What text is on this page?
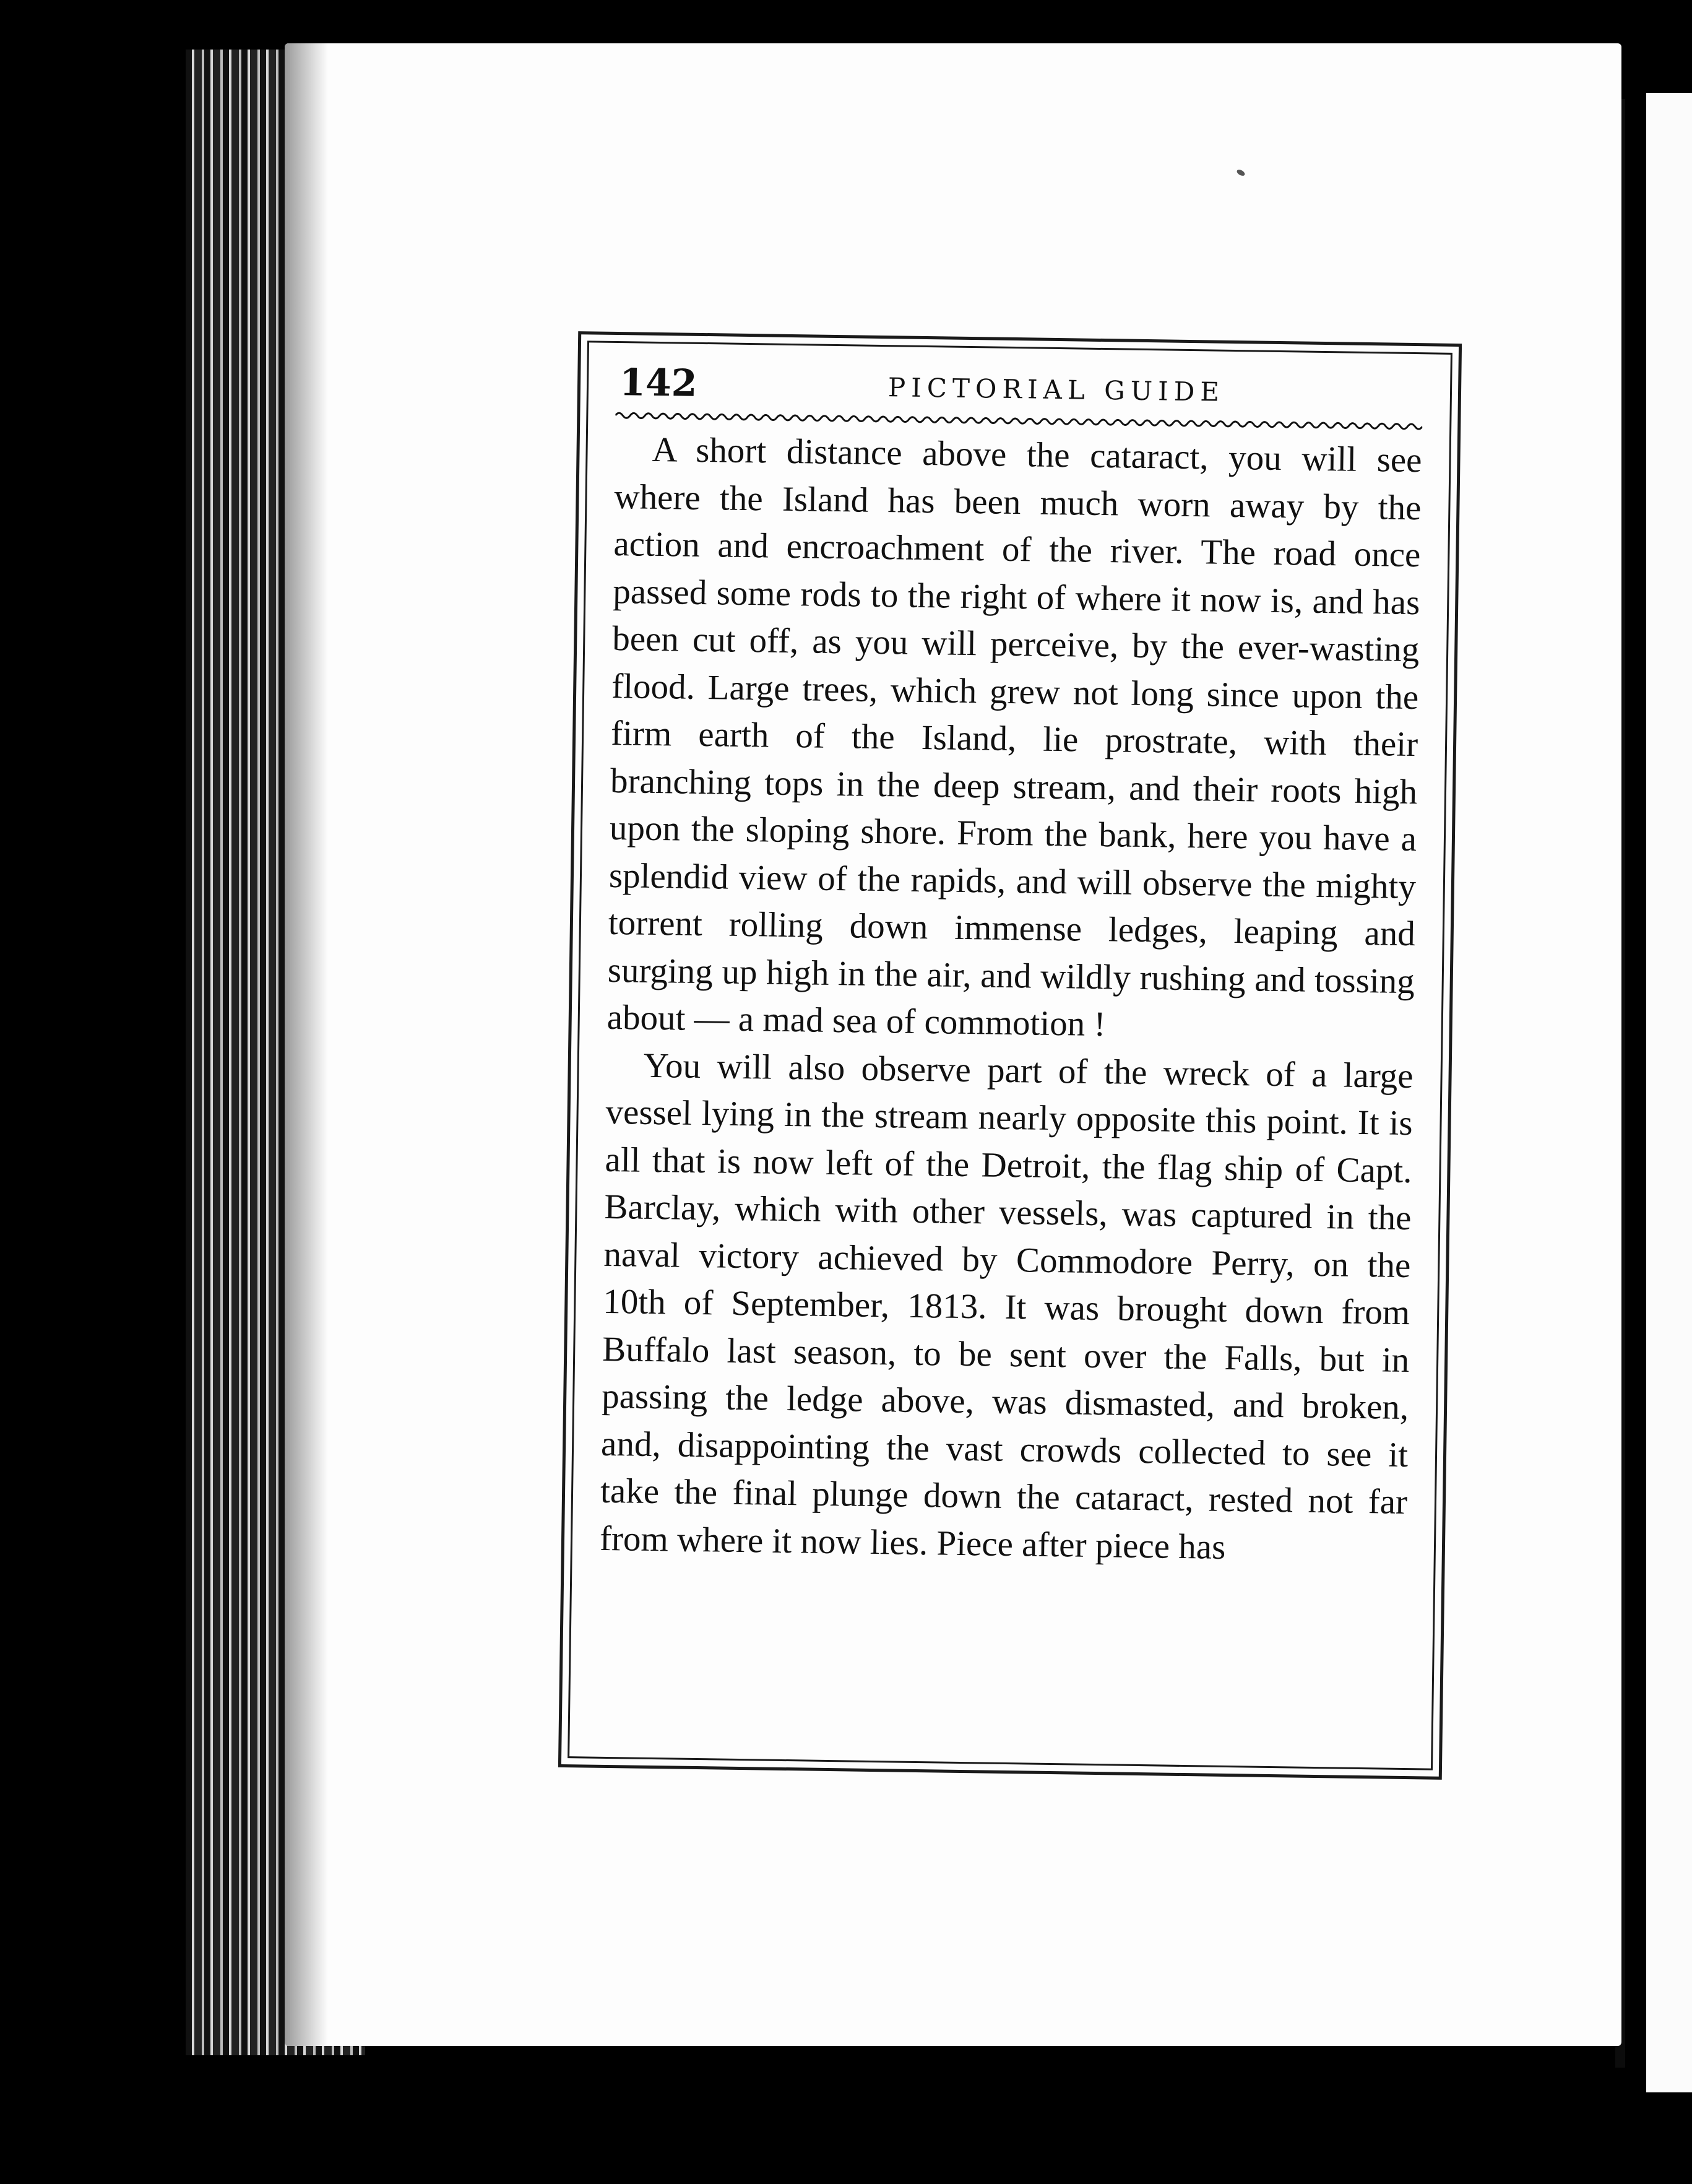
142	PICTORIAL GUIDE

A short distance above the cataract, you will see where the Island has been much worn away by the action and encroachment of the river. The road once passed some rods to the right of where it now is, and has been cut off, as you will perceive, by the ever-wasting flood. Large trees, which grew not long since upon the firm earth of the Island, lie prostrate, with their branching tops in the deep stream, and their roots high upon the sloping shore. From the bank, here you have a splendid view of the rapids, and will observe the mighty torrent rolling down immense ledges, leaping and surging up high in the air, and wildly rushing and tossing about — a mad sea of commotion !

You will also observe part of the wreck of a large vessel lying in the stream nearly opposite this point. It is all that is now left of the Detroit, the flag ship of Capt. Barclay, which with other vessels, was captured in the naval victory achieved by Commodore Perry, on the 10th of September, 1813. It was brought down from Buffalo last season, to be sent over the Falls, but in passing the ledge above, was dismasted, and broken, and, disappointing the vast crowds collected to see it take the final plunge down the cataract, rested not far from where it now lies. Piece after piece has
